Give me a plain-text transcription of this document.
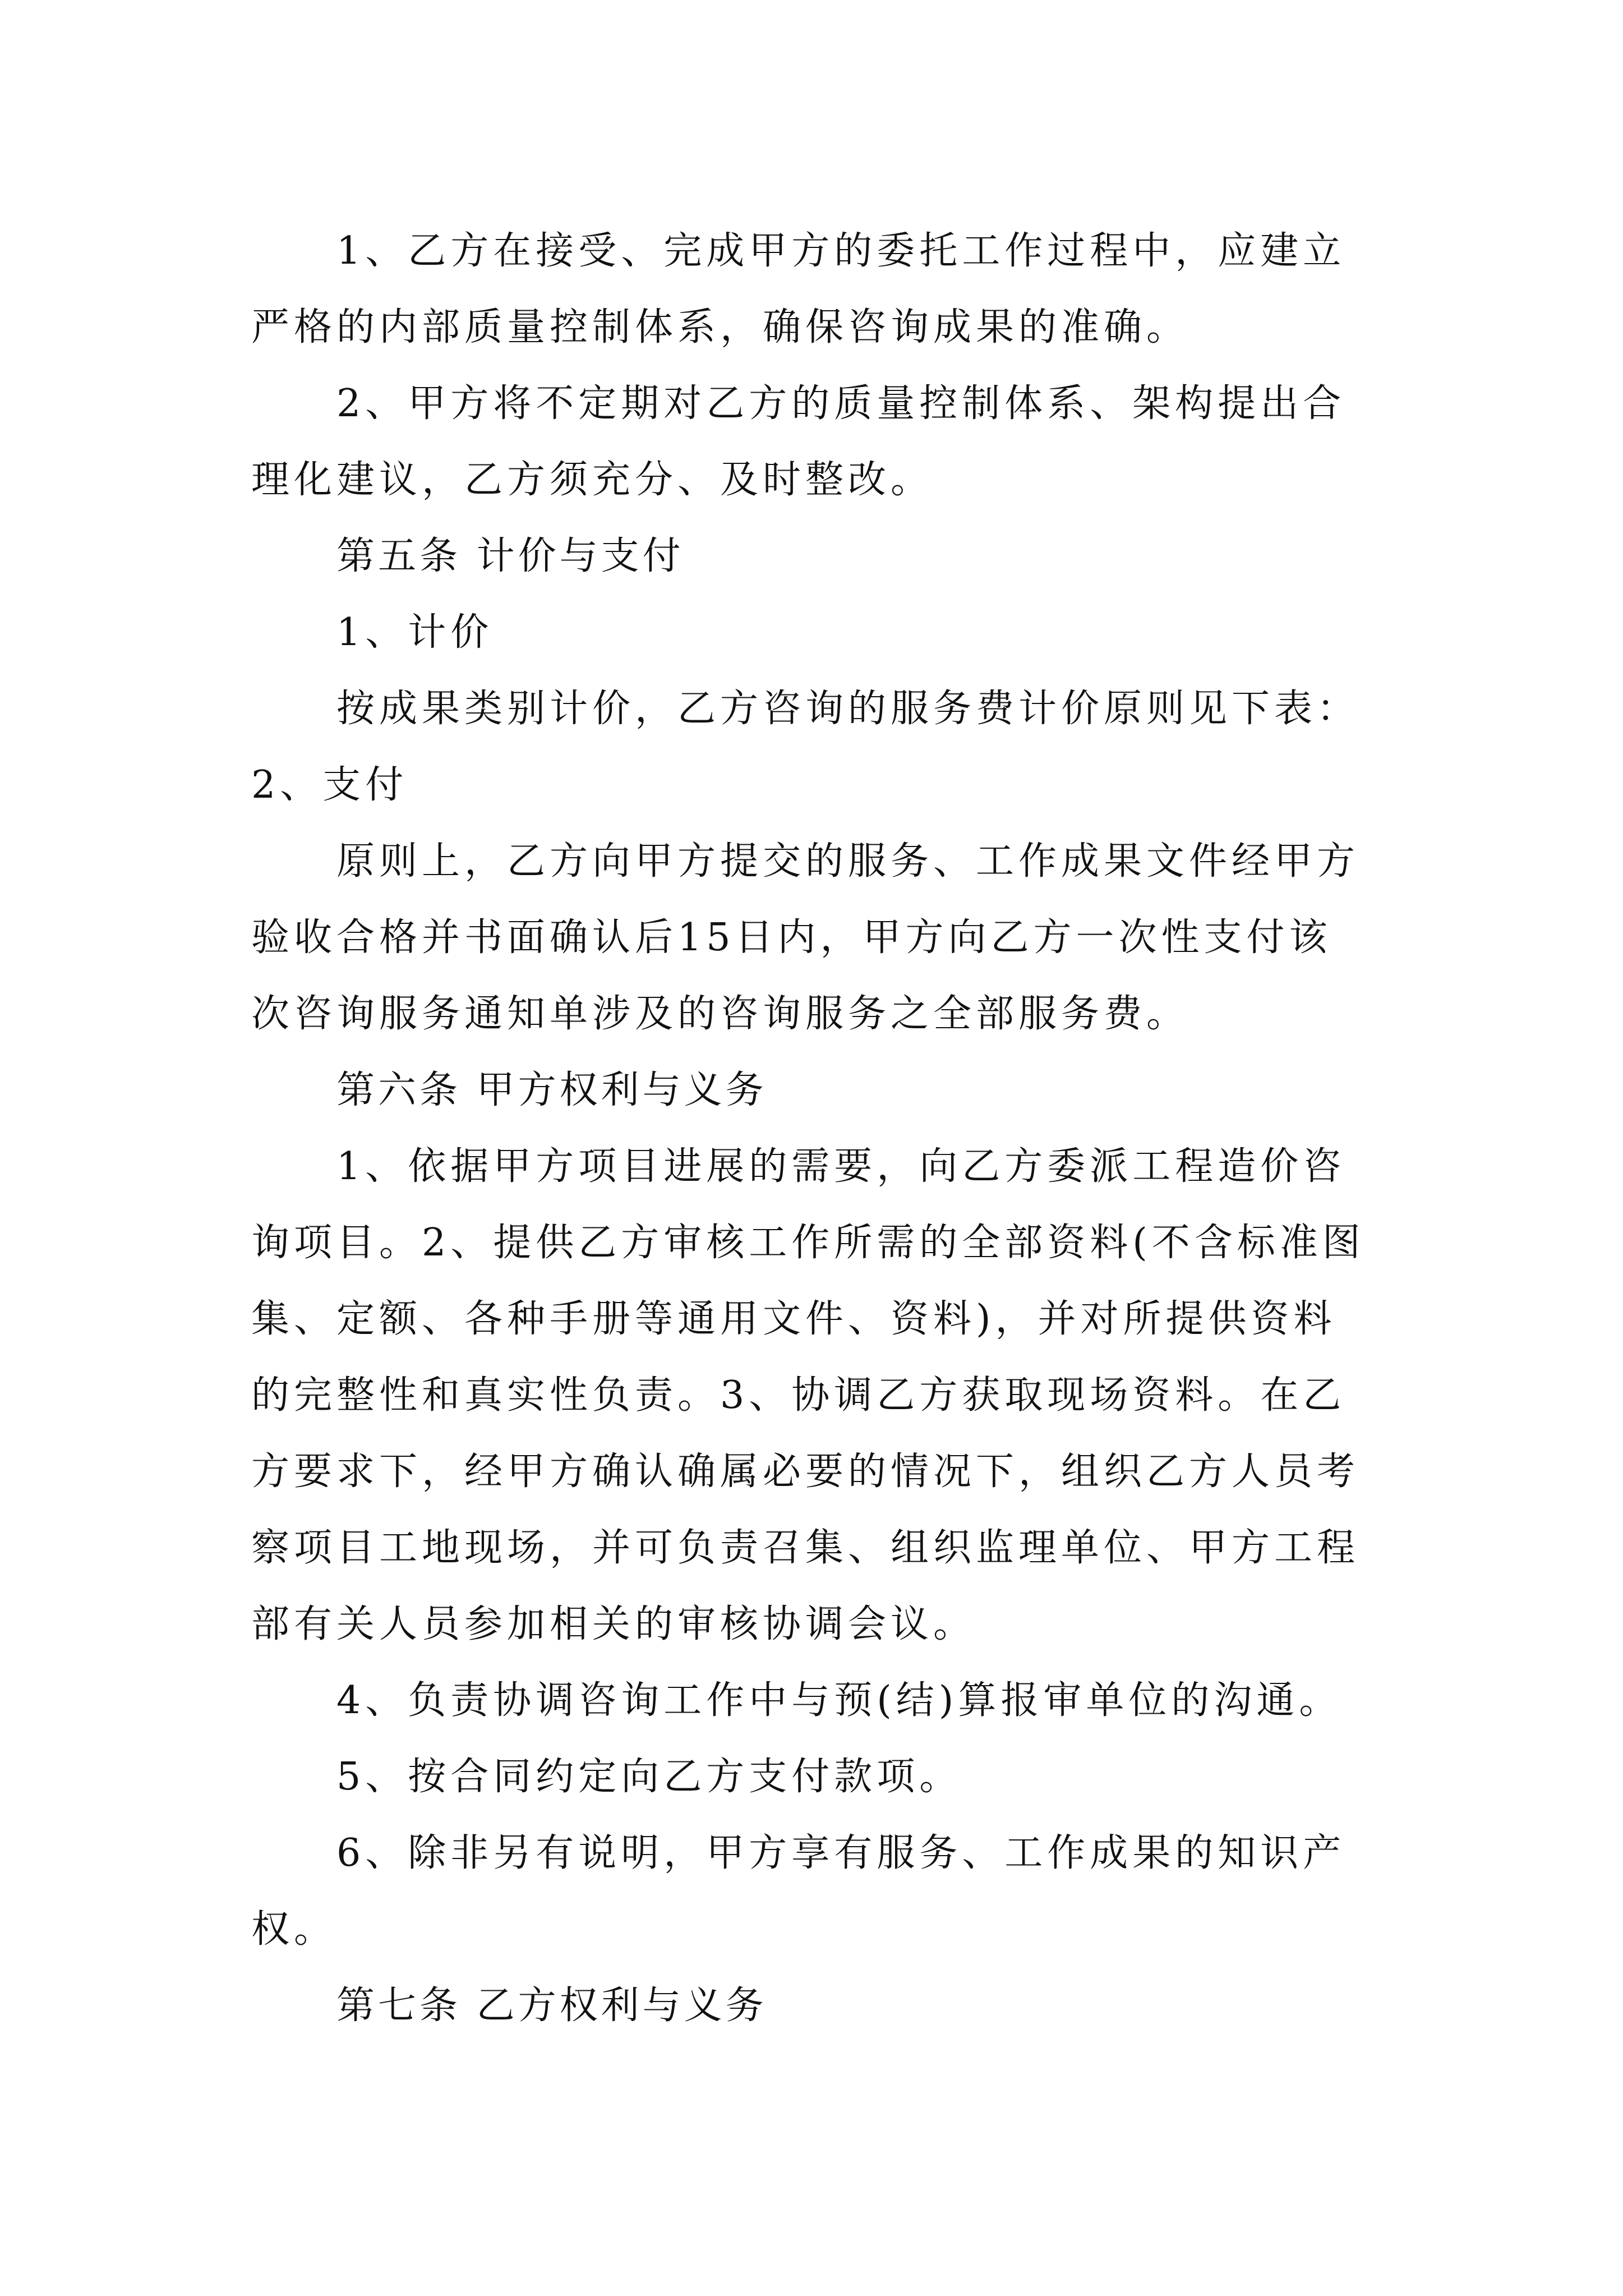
1、乙方在接受、完成甲方的委托工作过程中，应建立严格的内部质量控制体系，确保咨询成果的准确。

2、甲方将不定期对乙方的质量控制体系、架构提出合理化建议，乙方须充分、及时整改。

第五条 计价与支付

1、计价

按成果类别计价，乙方咨询的服务费计价原则见下表：

2、支付

原则上，乙方向甲方提交的服务、工作成果文件经甲方验收合格并书面确认后15日内，甲方向乙方一次性支付该次咨询服务通知单涉及的咨询服务之全部服务费。

第六条 甲方权利与义务

1、依据甲方项目进展的需要，向乙方委派工程造价咨询项目。2、提供乙方审核工作所需的全部资料(不含标准图集、定额、各种手册等通用文件、资料)，并对所提供资料的完整性和真实性负责。3、协调乙方获取现场资料。在乙方要求下，经甲方确认确属必要的情况下，组织乙方人员考察项目工地现场，并可负责召集、组织监理单位、甲方工程部有关人员参加相关的审核协调会议。

4、负责协调咨询工作中与预(结)算报审单位的沟通。

5、按合同约定向乙方支付款项。

6、除非另有说明，甲方享有服务、工作成果的知识产权。

第七条 乙方权利与义务
